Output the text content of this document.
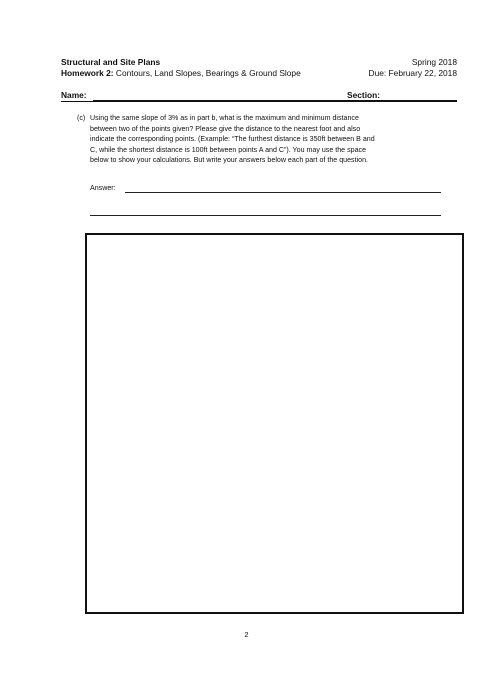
Structural and Site Plans	Spring 2018
Homework 2: Contours, Land Slopes, Bearings & Ground Slope	Due: February 22, 2018
Name:	Section:
(c) Using the same slope of 3% as in part b, what is the maximum and minimum distance
between two of the points given? Please give the distance to the nearest foot and also
indicate the corresponding points. (Example: “The furthest distance is 350ft between B and
C, while the shortest distance is 100ft between points A and C”). You may use the space
below to show your calculations. But write your answers below each part of the question.
Answer:
2
